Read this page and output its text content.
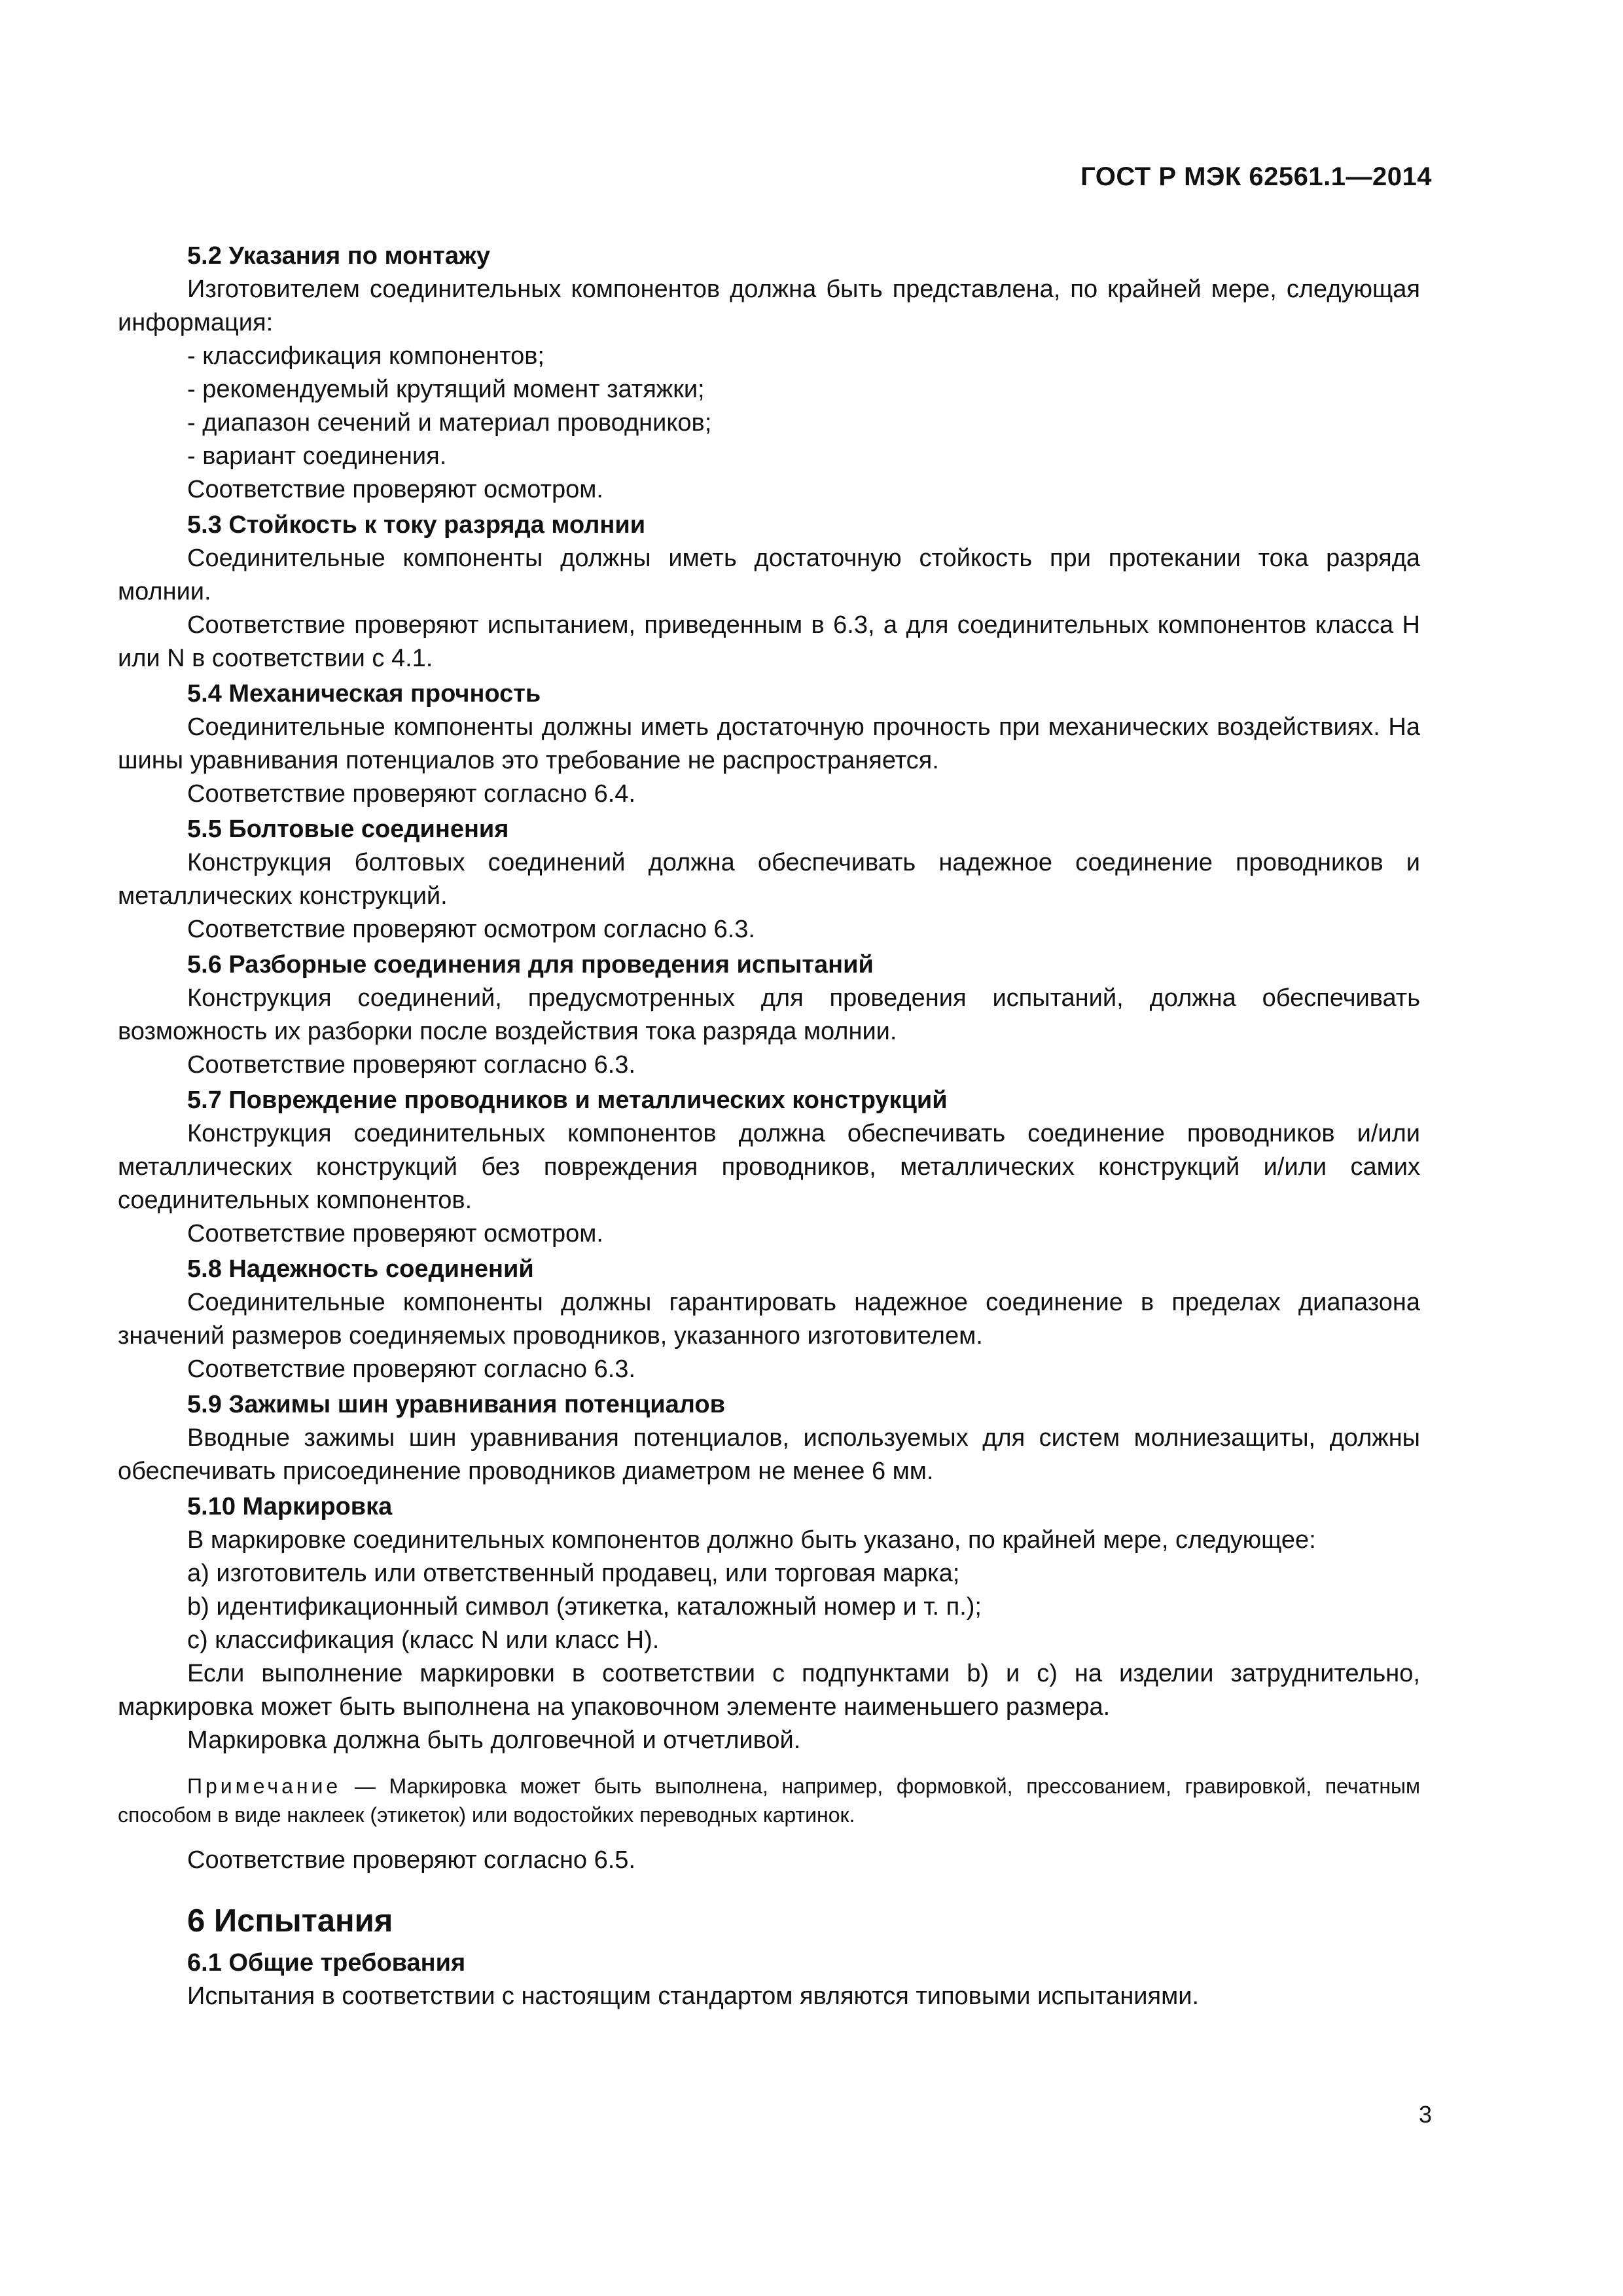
ГОСТ Р МЭК 62561.1—2014

5.2 Указания по монтажу

Изготовителем соединительных компонентов должна быть представлена, по крайней мере, следующая информация:

- классификация компонентов;

- рекомендуемый крутящий момент затяжки;

- диапазон сечений и материал проводников;

- вариант соединения.

Соответствие проверяют осмотром.

5.3 Стойкость к току разряда молнии

Соединительные компоненты должны иметь достаточную стойкость при протекании тока разряда молнии.

Соответствие проверяют испытанием, приведенным в 6.3, а для соединительных компонентов класса H или N в соответствии с 4.1.

5.4 Механическая прочность

Соединительные компоненты должны иметь достаточную прочность при механических воздействиях. На шины уравнивания потенциалов это требование не распространяется.

Соответствие проверяют согласно 6.4.

5.5 Болтовые соединения

Конструкция болтовых соединений должна обеспечивать надежное соединение проводников и металлических конструкций.

Соответствие проверяют осмотром согласно 6.3.

5.6 Разборные соединения для проведения испытаний

Конструкция соединений, предусмотренных для проведения испытаний, должна обеспечивать возможность их разборки после воздействия тока разряда молнии.

Соответствие проверяют согласно 6.3.

5.7 Повреждение проводников и металлических конструкций

Конструкция соединительных компонентов должна обеспечивать соединение проводников и/или металлических конструкций без повреждения проводников, металлических конструкций и/или самих соединительных компонентов.

Соответствие проверяют осмотром.

5.8 Надежность соединений

Соединительные компоненты должны гарантировать надежное соединение в пределах диапазона значений размеров соединяемых проводников, указанного изготовителем.

Соответствие проверяют согласно 6.3.

5.9 Зажимы шин уравнивания потенциалов

Вводные зажимы шин уравнивания потенциалов, используемых для систем молниезащиты, должны обеспечивать присоединение проводников диаметром не менее 6 мм.

5.10 Маркировка

В маркировке соединительных компонентов должно быть указано, по крайней мере, следующее:

a) изготовитель или ответственный продавец, или торговая марка;

b) идентификационный символ (этикетка, каталожный номер и т. п.);

c) классификация (класс N или класс H).

Если выполнение маркировки в соответствии с подпунктами b) и c) на изделии затруднительно, маркировка может быть выполнена на упаковочном элементе наименьшего размера.

Маркировка должна быть долговечной и отчетливой.

Примечание — Маркировка может быть выполнена, например, формовкой, прессованием, гравировкой, печатным способом в виде наклеек (этикеток) или водостойких переводных картинок.

Соответствие проверяют согласно 6.5.

6 Испытания

6.1 Общие требования

Испытания в соответствии с настоящим стандартом являются типовыми испытаниями.

3
